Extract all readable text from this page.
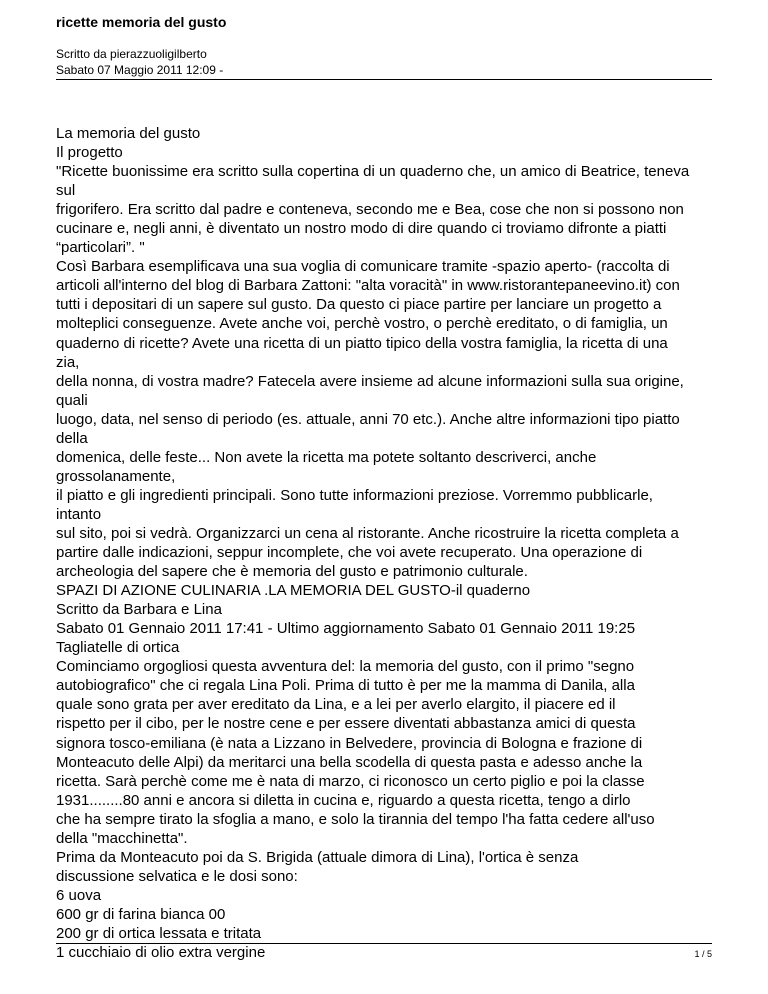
ricette memoria del gusto
Scritto da pierazzuoligilberto
Sabato 07 Maggio 2011 12:09 -
La memoria del gusto
Il progetto
"Ricette buonissime era scritto sulla copertina di un quaderno che, un amico di Beatrice, teneva
sul
frigorifero. Era scritto dal padre e conteneva, secondo me e Bea, cose che non si possono non
cucinare e, negli anni, è diventato un nostro modo di dire quando ci troviamo difronte a piatti
“particolari”. "
Così Barbara esemplificava una sua voglia di comunicare tramite -spazio aperto- (raccolta di
articoli all'interno del blog di Barbara Zattoni: "alta voracità" in www.ristorantepaneevino.it) con
tutti i depositari di un sapere sul gusto. Da questo ci piace partire per lanciare un progetto a
molteplici conseguenze. Avete anche voi, perchè vostro, o perchè ereditato, o di famiglia, un
quaderno di ricette? Avete una ricetta di un piatto tipico della vostra famiglia, la ricetta di una
zia,
della nonna, di vostra madre? Fatecela avere insieme ad alcune informazioni sulla sua origine,
quali
luogo, data, nel senso di periodo (es. attuale, anni 70 etc.). Anche altre informazioni tipo piatto
della
domenica, delle feste... Non avete la ricetta ma potete soltanto descriverci, anche
grossolanamente,
il piatto e gli ingredienti principali. Sono tutte informazioni preziose. Vorremmo pubblicarle,
intanto
sul sito, poi si vedrà. Organizzarci un cena al ristorante. Anche ricostruire la ricetta completa a
partire dalle indicazioni, seppur incomplete, che voi avete recuperato. Una operazione di
archeologia del sapere che è memoria del gusto e patrimonio culturale.
SPAZI DI AZIONE CULINARIA .LA MEMORIA DEL GUSTO-il quaderno
Scritto da Barbara e Lina
Sabato 01 Gennaio 2011 17:41 - Ultimo aggiornamento Sabato 01 Gennaio 2011 19:25
Tagliatelle di ortica
Cominciamo orgogliosi questa avventura del: la memoria del gusto, con il primo "segno
autobiografico" che ci regala Lina Poli. Prima di tutto è per me la mamma di Danila, alla
quale sono grata per aver ereditato da Lina, e a lei per averlo elargito, il piacere ed il
rispetto per il cibo, per le nostre cene e per essere diventati abbastanza amici di questa
signora tosco-emiliana (è nata a Lizzano in Belvedere, provincia di Bologna e frazione di
Monteacuto delle Alpi) da meritarci una bella scodella di questa pasta e adesso anche la
ricetta. Sarà perchè come me è nata di marzo, ci riconosco un certo piglio e poi la classe
1931........80 anni e ancora si diletta in cucina e, riguardo a questa ricetta, tengo a dirlo
che ha sempre tirato la sfoglia a mano, e solo la tirannia del tempo l'ha fatta cedere all'uso
della "macchinetta".
Prima da Monteacuto poi da S. Brigida (attuale dimora di Lina), l'ortica è senza
discussione selvatica e le dosi sono:
6 uova
600 gr di farina bianca 00
200 gr di ortica lessata e tritata
1 cucchiaio di olio extra vergine	1 / 5
